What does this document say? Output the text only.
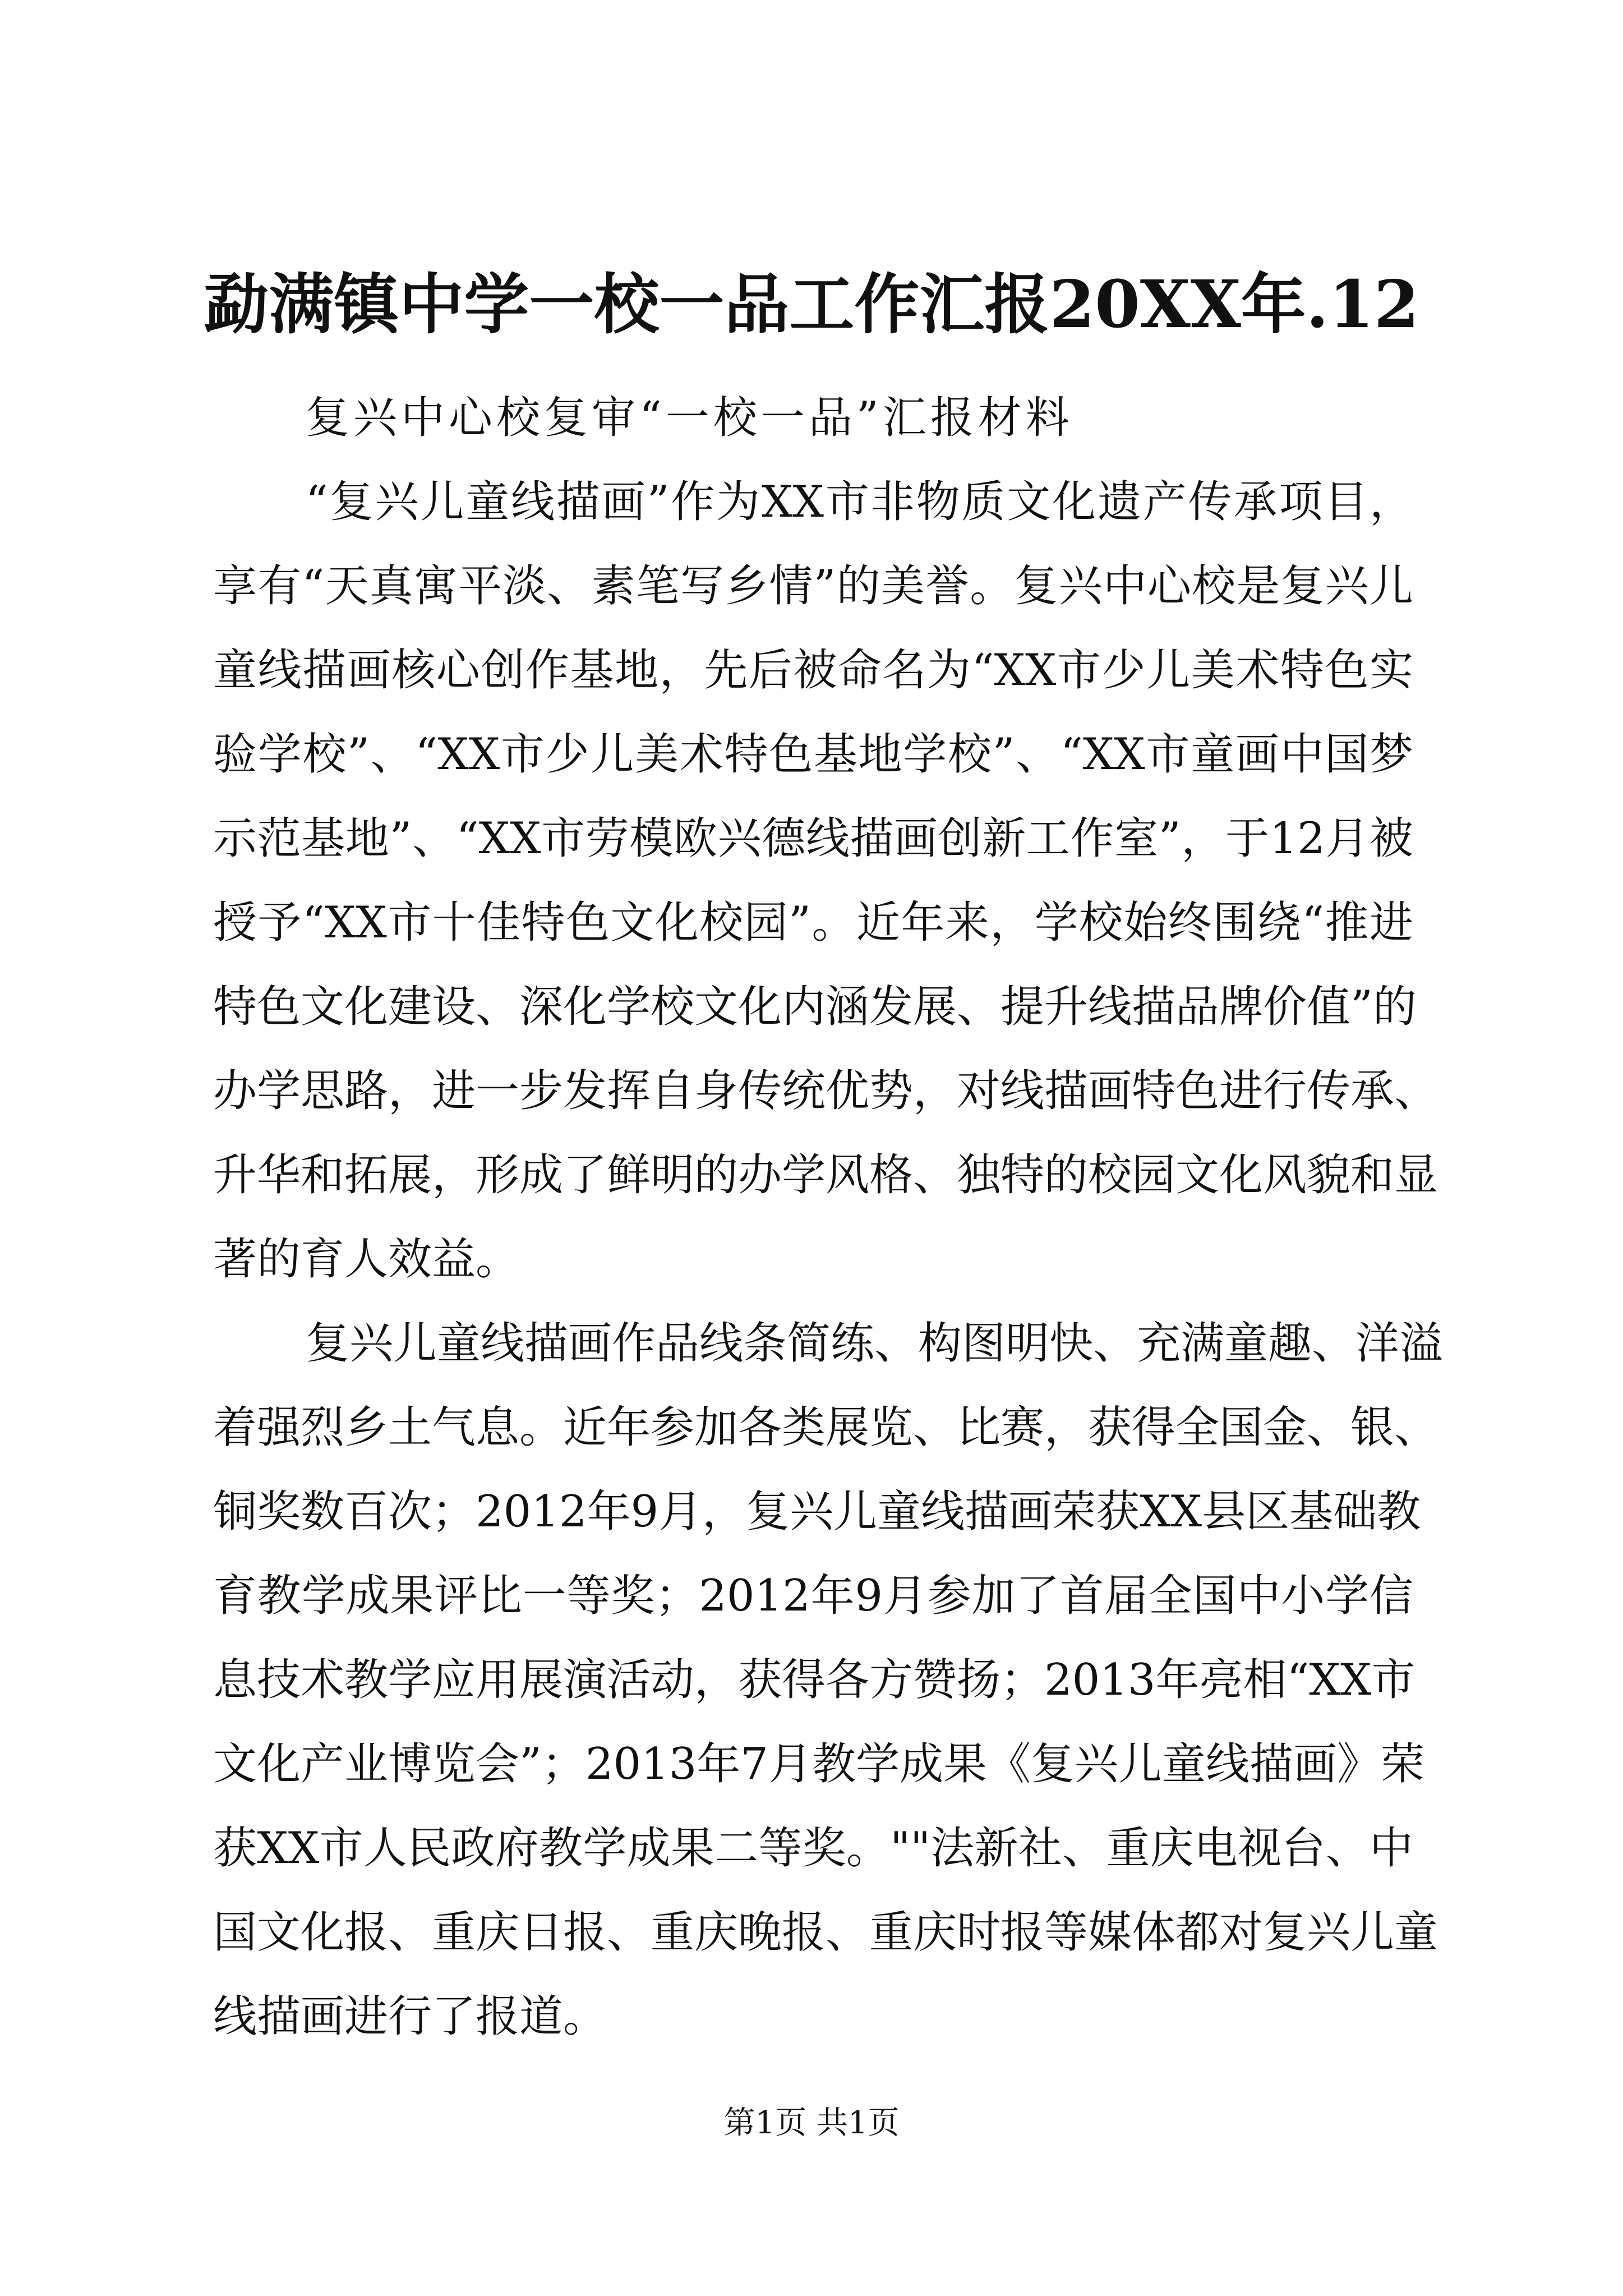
勐满镇中学一校一品工作汇报20XX年.12

复兴中心校复审“一校一品”汇报材料

“复兴儿童线描画”作为XX市非物质文化遗产传承项目，

享有“天真寓平淡、素笔写乡情”的美誉。复兴中心校是复兴儿

童线描画核心创作基地，先后被命名为“XX市少儿美术特色实

验学校”、“XX市少儿美术特色基地学校”、“XX市童画中国梦

示范基地”、“XX市劳模欧兴德线描画创新工作室”，于12月被

授予“XX市十佳特色文化校园”。近年来，学校始终围绕“推进

特色文化建设、深化学校文化内涵发展、提升线描品牌价值”的

办学思路，进一步发挥自身传统优势，对线描画特色进行传承、

升华和拓展，形成了鲜明的办学风格、独特的校园文化风貌和显

著的育人效益。

复兴儿童线描画作品线条简练、构图明快、充满童趣、洋溢

着强烈乡土气息。近年参加各类展览、比赛，获得全国金、银、

铜奖数百次；2012年9月，复兴儿童线描画荣获XX县区基础教

育教学成果评比一等奖；2012年9月参加了首届全国中小学信

息技术教学应用展演活动，获得各方赞扬；2013年亮相“XX市

文化产业博览会”；2013年7月教学成果《复兴儿童线描画》荣

获XX市人民政府教学成果二等奖。""法新社、重庆电视台、中

国文化报、重庆日报、重庆晚报、重庆时报等媒体都对复兴儿童

线描画进行了报道。

第1页 共1页
